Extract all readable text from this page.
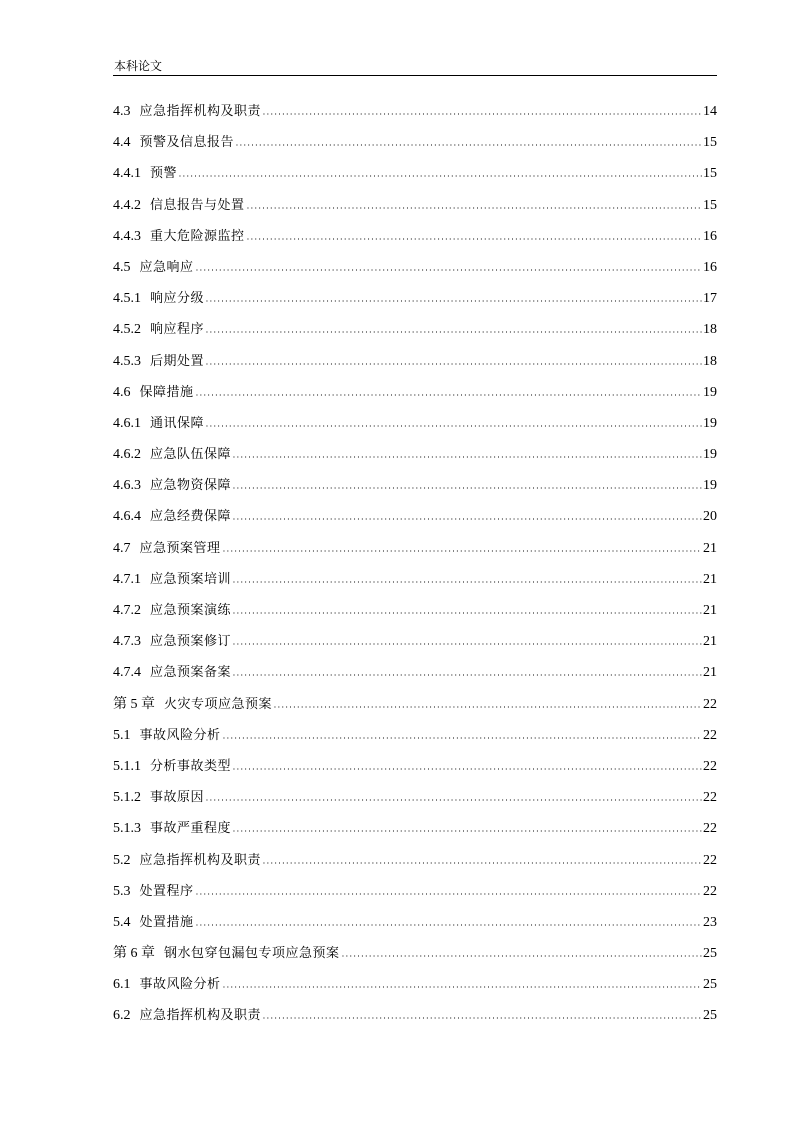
本科论文
4.3 应急指挥机构及职责	14
4.4 预警及信息报告	15
4.4.1 预警	15
4.4.2 信息报告与处置	15
4.4.3 重大危险源监控	16
4.5 应急响应	16
4.5.1 响应分级	17
4.5.2 响应程序	18
4.5.3 后期处置	18
4.6 保障措施	19
4.6.1 通讯保障	19
4.6.2 应急队伍保障	19
4.6.3 应急物资保障	19
4.6.4 应急经费保障	20
4.7 应急预案管理	21
4.7.1 应急预案培训	21
4.7.2 应急预案演练	21
4.7.3 应急预案修订	21
4.7.4 应急预案备案	21
第 5 章 火灾专项应急预案	22
5.1 事故风险分析	22
5.1.1 分析事故类型	22
5.1.2 事故原因	22
5.1.3 事故严重程度	22
5.2 应急指挥机构及职责	22
5.3 处置程序	22
5.4 处置措施	23
第 6 章 钢水包穿包漏包专项应急预案	25
6.1 事故风险分析	25
6.2 应急指挥机构及职责	25
